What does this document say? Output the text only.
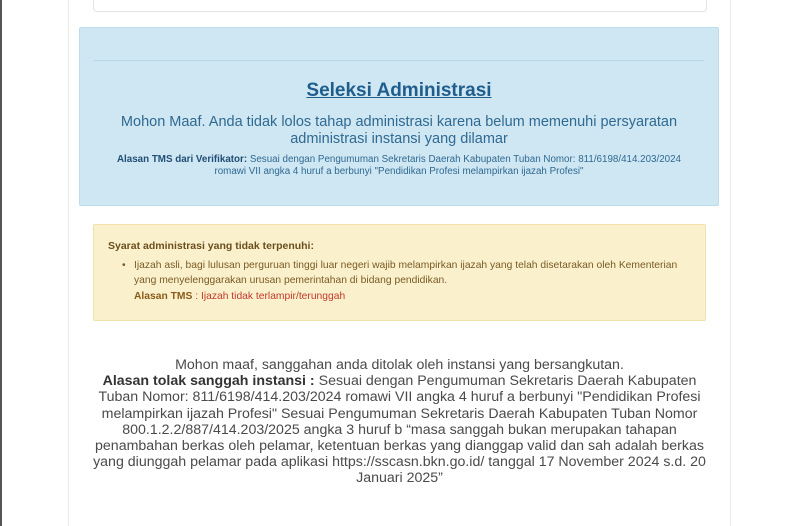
Seleksi Administrasi
Mohon Maaf. Anda tidak lolos tahap administrasi karena belum memenuhi persyaratan administrasi instansi yang dilamar
Alasan TMS dari Verifikator: Sesuai dengan Pengumuman Sekretaris Daerah Kabupaten Tuban Nomor: 811/6198/414.203/2024 romawi VII angka 4 huruf a berbunyi "Pendidikan Profesi melampirkan ijazah Profesi"
Syarat administrasi yang tidak terpenuhi:
• Ijazah asli, bagi lulusan perguruan tinggi luar negeri wajib melampirkan ijazah yang telah disetarakan oleh Kementerian yang menyelenggarakan urusan pemerintahan di bidang pendidikan.
Alasan TMS : Ijazah tidak terlampir/terunggah
Mohon maaf, sanggahan anda ditolak oleh instansi yang bersangkutan.
Alasan tolak sanggah instansi : Sesuai dengan Pengumuman Sekretaris Daerah Kabupaten Tuban Nomor: 811/6198/414.203/2024 romawi VII angka 4 huruf a berbunyi "Pendidikan Profesi melampirkan ijazah Profesi" Sesuai Pengumuman Sekretaris Daerah Kabupaten Tuban Nomor 800.1.2.2/887/414.203/2025 angka 3 huruf b “masa sanggah bukan merupakan tahapan penambahan berkas oleh pelamar, ketentuan berkas yang dianggap valid dan sah adalah berkas yang diunggah pelamar pada aplikasi https://sscasn.bkn.go.id/ tanggal 17 November 2024 s.d. 20 Januari 2025”
